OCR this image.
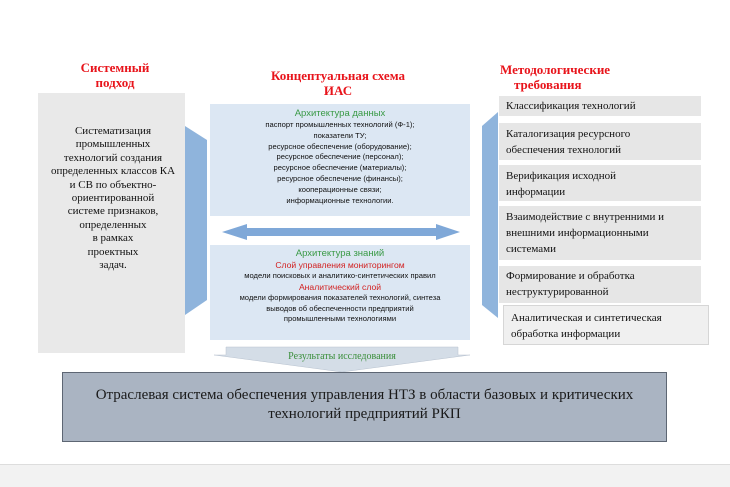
Системный
подход	Концептуальная схема
ИАС
Методологические
требования
Систематизация
промышленных
технологий создания
определенных классов КА
и СВ по объектно-
ориентированной
системе признаков,
определенных
в рамках
проектных
задач.
Архитектура данных
паспорт промышленных технологий (Ф-1);
показатели ТУ;
ресурсное обеспечение (оборудование);
ресурсное обеспечение (персонал);
ресурсное обеспечение (материалы);
ресурсное обеспечение (финансы);
кооперационные связи;
информационные технологии.
Архитектура знаний
Слой управления мониторингом
модели поисковых и аналитико-синтетических правил
Аналитический слой
модели формирования показателей технологий, синтеза
выводов об обеспеченности предприятий
промышленными технологиями
Классификация технологий
Каталогизация ресурсного
обеспечения технологий
Верификация исходной
информации
Взаимодействие с внутренними и
внешними информационными
системами
Формирование и обработка
неструктурированной
Аналитическая и синтетическая
обработка информации
Результаты исследования
Отраслевая система обеспечения управления НТЗ в области базовых и критических
технологий предприятий РКП
